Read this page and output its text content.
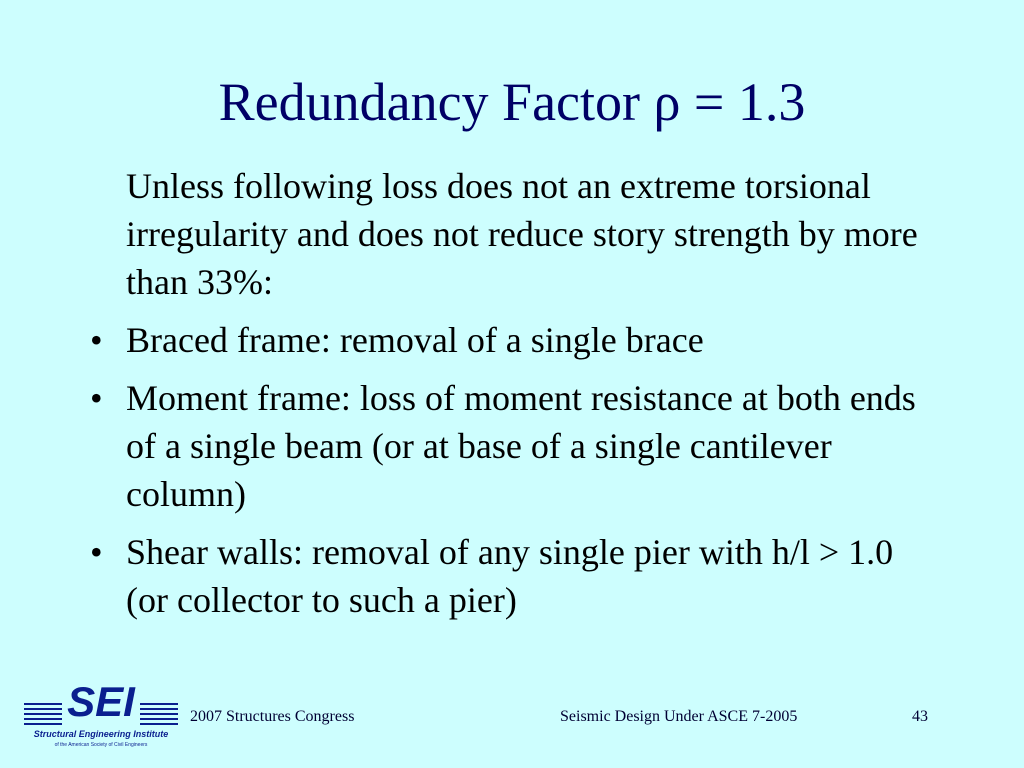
Redundancy Factor ρ = 1.3
Unless following loss does not an extreme torsional irregularity and does not reduce story strength by more than 33%:
• Braced frame: removal of a single brace
• Moment frame: loss of moment resistance at both ends of a single beam (or at base of a single cantilever column)
• Shear walls: removal of any single pier with h/l > 1.0 (or collector to such a pier)
SEI
Structural Engineering Institute
of the American Society of Civil Engineers
2007 Structures Congress	Seismic Design Under ASCE 7-2005	43
